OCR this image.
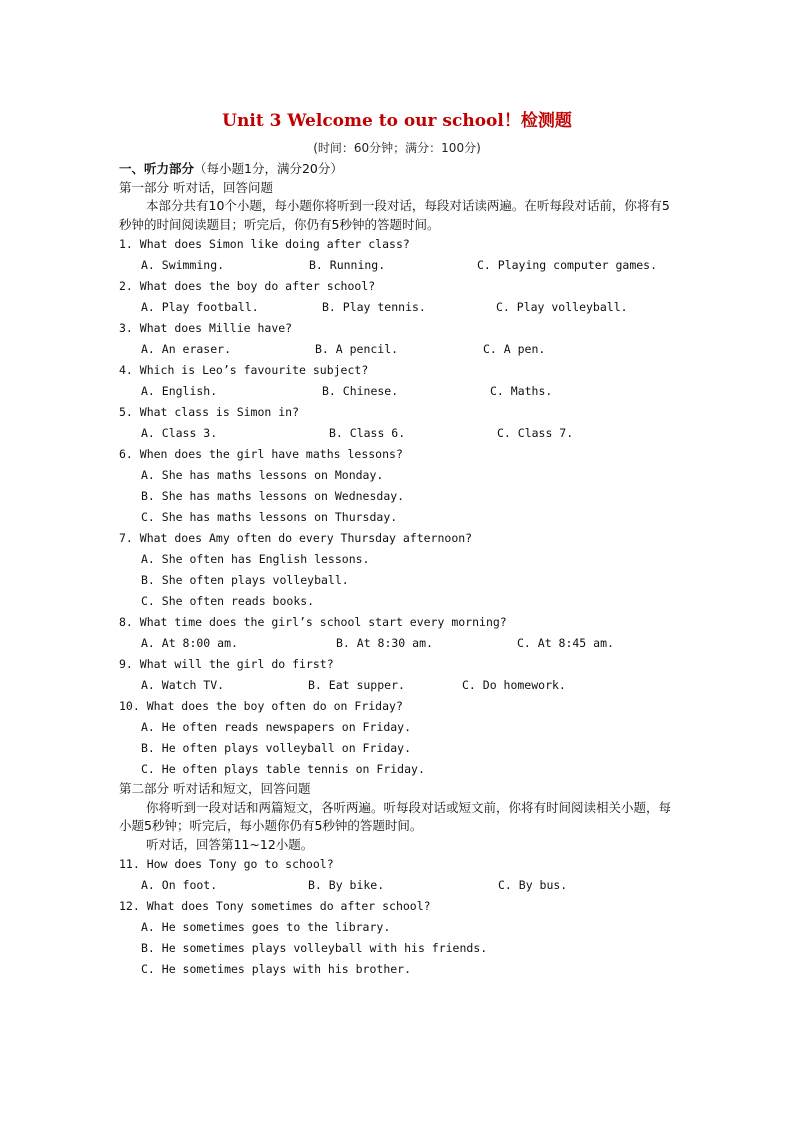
Unit 3 Welcome to our school！检测题
(时间：60分钟；满分：100分)
一、听力部分（每小题1分，满分20分）
第一部分 听对话，回答问题
本部分共有10个小题，每小题你将听到一段对话，每段对话读两遍。在听每段对话前，你将有5秒钟的时间阅读题目；听完后，你仍有5秒钟的答题时间。
1. What does Simon like doing after class?
A. Swimming.	B. Running.	C. Playing computer games.
2. What does the boy do after school?
A. Play football.	B. Play tennis.	C. Play volleyball.
3. What does Millie have?
A. An eraser.	B. A pencil.	C. A pen.
4. Which is Leo’s favourite subject?
A. English.	B. Chinese.	C. Maths.
5. What class is Simon in?
A. Class 3.	B. Class 6.	C. Class 7.
6. When does the girl have maths lessons?
A. She has maths lessons on Monday.
B. She has maths lessons on Wednesday.
C. She has maths lessons on Thursday.
7. What does Amy often do every Thursday afternoon?
A. She often has English lessons.
B. She often plays volleyball.
C. She often reads books.
8. What time does the girl’s school start every morning?
A. At 8:00 am.	B. At 8:30 am.	C. At 8:45 am.
9. What will the girl do first?
A. Watch TV.	B. Eat supper.	C. Do homework.
10. What does the boy often do on Friday?
A. He often reads newspapers on Friday.
B. He often plays volleyball on Friday.
C. He often plays table tennis on Friday.
第二部分 听对话和短文，回答问题
你将听到一段对话和两篇短文，各听两遍。听每段对话或短文前，你将有时间阅读相关小题，每小题5秒钟；听完后，每小题你仍有5秒钟的答题时间。
听对话，回答第11~12小题。
11. How does Tony go to school?
A. On foot.	B. By bike.	C. By bus.
12. What does Tony sometimes do after school?
A. He sometimes goes to the library.
B. He sometimes plays volleyball with his friends.
C. He sometimes plays with his brother.
